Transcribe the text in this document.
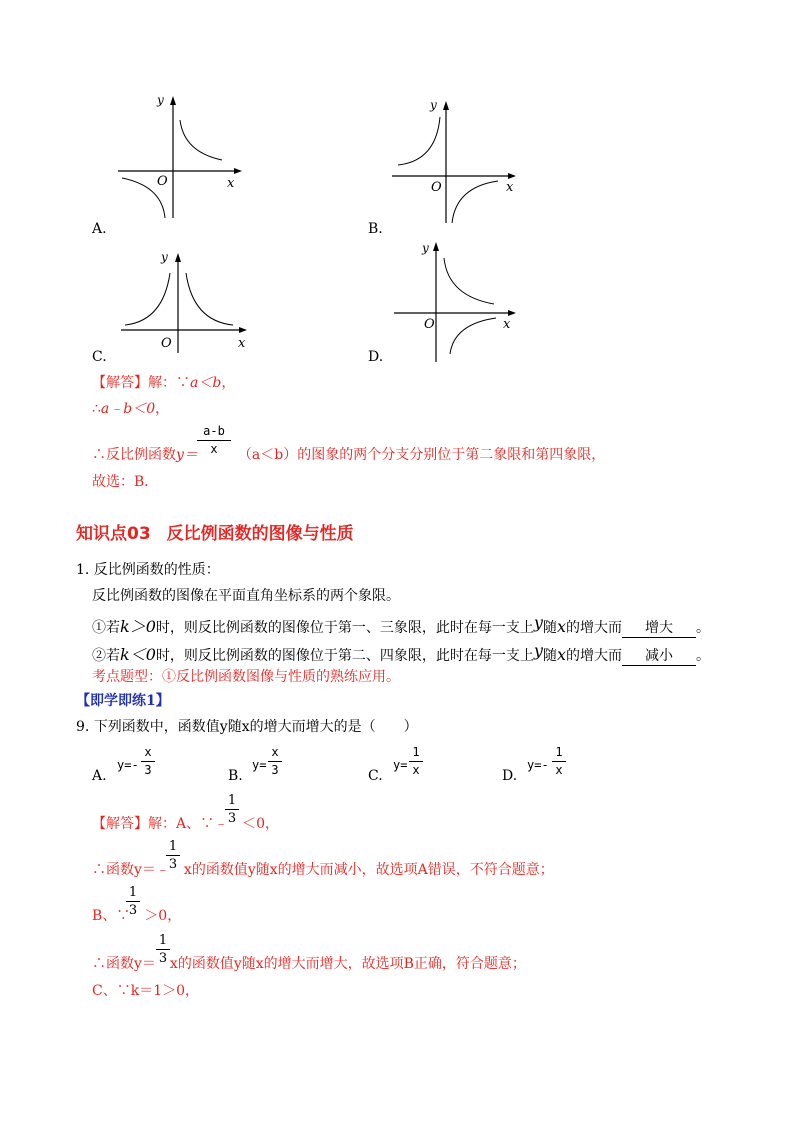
y
x
O
A.
y
x
O
B.
y
x
O
C.
y
x
O
D.
【解答】解：∵a＜b，
∴a﹣b＜0，
∴反比例函数y＝	（a＜b）的图象的两个分支分别位于第二象限和第四象限，
a-b
x
故选：B．
知识点03 反比例函数的图像与性质
1. 反比例函数的性质：
反比例函数的图像在平面直角坐标系的两个象限。
①若k＞0时，则反比例函数的图像位于第一、三象限，此时在每一支上y随x的增大而 增大 。
②若k＜0时，则反比例函数的图像位于第二、四象限，此时在每一支上y随x的增大而 减小 。
考点题型：①反比例函数图像与性质的熟练应用。
【即学即练1】
9. 下列函数中，函数值y随x的增大而增大的是（　　）
A.
y=-
x
3	B.
y=
x
3	C.
y=
1
x	D.
y=-
1
x
【解答】解：A、∵﹣ ＜0，
1
3
∴函数y＝﹣ x的函数值y随x的增大而减小，故选项A错误，不符合题意；
1
3
B、∵ ＞0，
1
3
∴函数y＝ x的函数值y随x的增大而增大，故选项B正确，符合题意；
1
3
C、∵k＝1＞0，
